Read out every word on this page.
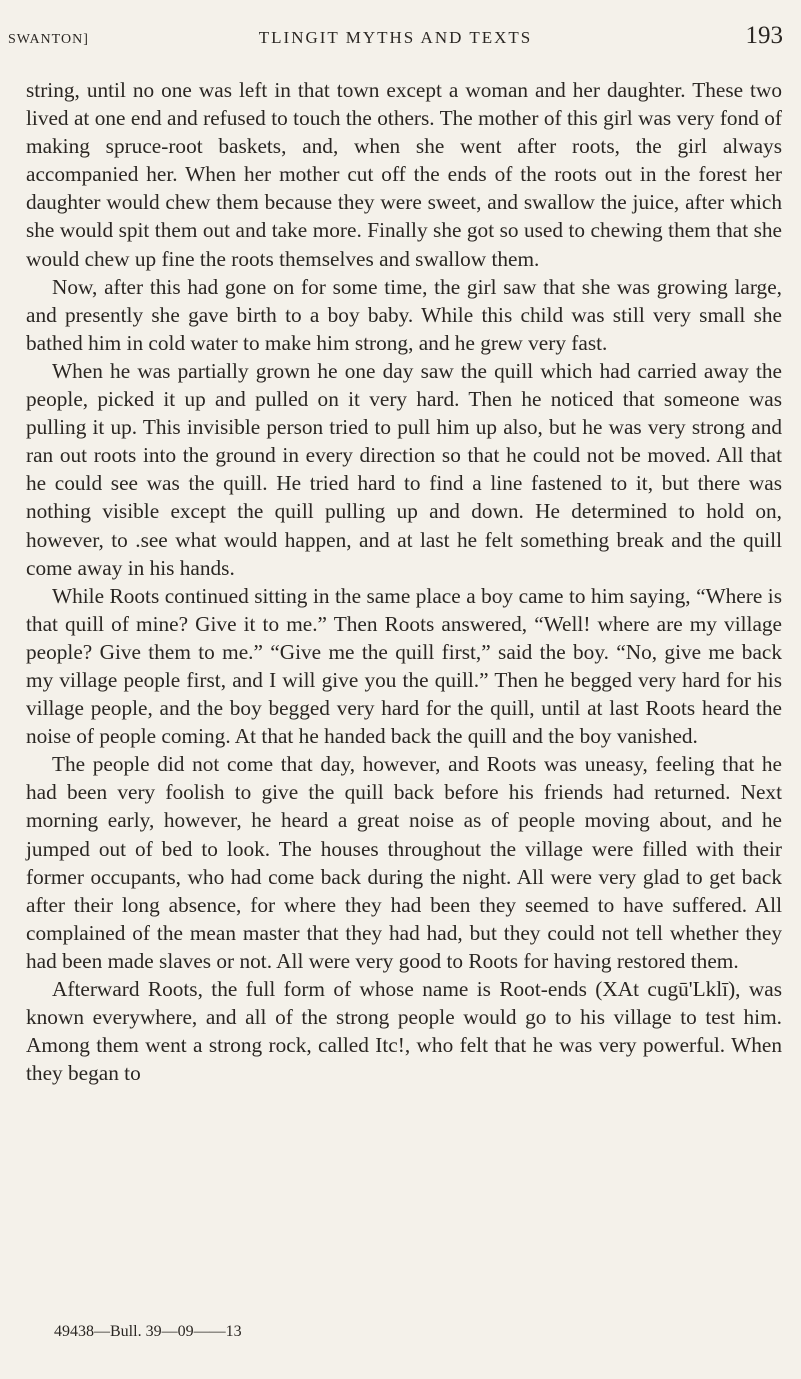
SWANTON]	TLINGIT MYTHS AND TEXTS	193

string, until no one was left in that town except a woman and her daughter. These two lived at one end and refused to touch the others. The mother of this girl was very fond of making spruce-root baskets, and, when she went after roots, the girl always accompanied her. When her mother cut off the ends of the roots out in the forest her daughter would chew them because they were sweet, and swallow the juice, after which she would spit them out and take more. Finally she got so used to chewing them that she would chew up fine the roots themselves and swallow them.

Now, after this had gone on for some time, the girl saw that she was growing large, and presently she gave birth to a boy baby. While this child was still very small she bathed him in cold water to make him strong, and he grew very fast.

When he was partially grown he one day saw the quill which had carried away the people, picked it up and pulled on it very hard. Then he noticed that someone was pulling it up. This invisible person tried to pull him up also, but he was very strong and ran out roots into the ground in every direction so that he could not be moved. All that he could see was the quill. He tried hard to find a line fastened to it, but there was nothing visible except the quill pulling up and down. He determined to hold on, however, to .see what would happen, and at last he felt something break and the quill come away in his hands.

While Roots continued sitting in the same place a boy came to him saying, “Where is that quill of mine? Give it to me.” Then Roots answered, “Well! where are my village people? Give them to me.” “Give me the quill first,” said the boy. “No, give me back my village people first, and I will give you the quill.” Then he begged very hard for his village people, and the boy begged very hard for the quill, until at last Roots heard the noise of people coming. At that he handed back the quill and the boy vanished.

The people did not come that day, however, and Roots was uneasy, feeling that he had been very foolish to give the quill back before his friends had returned. Next morning early, however, he heard a great noise as of people moving about, and he jumped out of bed to look. The houses throughout the village were filled with their former occupants, who had come back during the night. All were very glad to get back after their long absence, for where they had been they seemed to have suffered. All complained of the mean master that they had had, but they could not tell whether they had been made slaves or not. All were very good to Roots for having restored them.

Afterward Roots, the full form of whose name is Root-ends (XAt cugū'Lklī), was known everywhere, and all of the strong people would go to his village to test him. Among them went a strong rock, called Itc!, who felt that he was very powerful. When they began to

49438—Bull. 39—09——13
